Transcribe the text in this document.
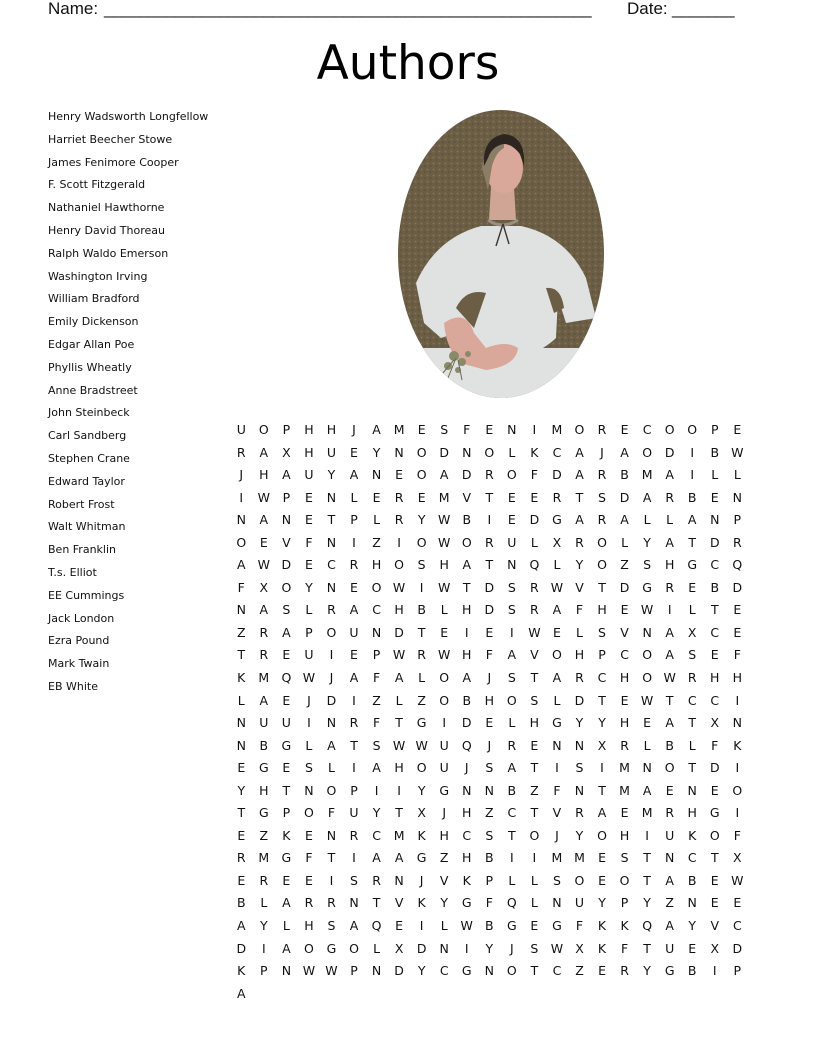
Name: _______________________________________________________ Date: _______
Authors
Henry Wadsworth Longfellow
Harriet Beecher Stowe
James Fenimore Cooper
F. Scott Fitzgerald
Nathaniel Hawthorne
Henry David Thoreau
Ralph Waldo Emerson
Washington Irving
William Bradford
Emily Dickenson
Edgar Allan Poe
Phyllis Wheatly
Anne Bradstreet
John Steinbeck
Carl Sandberg
Stephen Crane
Edward Taylor
Robert Frost
Walt Whitman
Ben Franklin
T.s. Elliot
EE Cummings
Jack London
Ezra Pound
Mark Twain
EB White
U	O	P	H	H	J	A	M	E	S	F	E	N	I	M O	R	E	C	O	O	P	E
R	A	X	H	U	E	Y	N	O	D	N	O	L	K	C	A	J	A	O	D	I	B W
J	H	A	U	Y	A	N	E	O	A	D	R	O	F	D	A	R	B	M	A	I	L	L
I	W	P	E	N	L	E	R	E	M	V	T	E	E	R	T	S	D	A	R	B	E	N
N	A	N	E	T	P	L	R	Y	W B	I	E	D	G	A	R	A	L	L	A	N	P
O	E	V	F	N	I	Z	I	O W O	R	U	L	X	R	O	L	Y	A	T	D	R
A W D	E	C	R	H	O	S	H	A	T	N	Q	L	Y	O	Z	S	H	G	C	Q
F	X	O	Y	N	E	O W	I	W	T	D	S	R W V	T	D	G	R	E	B	D
N	A	S	L	R	A	C	H	B	L	H	D	S	R	A	F	H	E W	I	L	T	E
Z	R	A	P	O	U	N	D	T	E	I	E	I	W E	L	S	V	N	A	X	C	E
T	R	E	U	I	E	P	W R W H	F	A	V	O	H	P	C	O	A	S	E	F
K	M Q W	J	A	F	A	L	O	A	J	S	T	A	R	C	H	O W R	H	H
L	A	E	J	D	I	Z	L	Z	O	B	H	O	S	L	D	T	E W	T	C	C	I
N	U	U	I	N	R	F	T	G	I	D	E	L	H	G	Y	Y	H	E	A	T	X	N
N	B	G	L	A	T	S W W U	Q	J	R	E	N	N	X	R	L	B	L	F	K
E	G	E	S	L	I	A	H	O	U	J	S	A	T	I	S	I	M N	O	T	D	I
Y	H	T	N	O	P	I	I	Y	G	N	N	B	Z	F	N	T	M	A	E	N	E	O
T	G	P	O	F	U	Y	T	X	J	H	Z	C	T	V	R	A	E	M	R	H	G	I
E	Z	K	E	N	R	C	M	K	H	C	S	T	O	J	Y	O	H	I	U	K	O	F
R	M G	F	T	I	A	A	G	Z	H	B	I	I	M M	E	S	T	N	C	T	X
E	R	E	E	I	S	R	N	J	V	K	P	L	L	S	O	E	O	T	A	B	E W
B	L	A	R	R	N	T	V	K	Y	G	F	Q	L	N	U	Y	P	Y	Z	N	E	E
A	Y	L	H	S	A	Q	E	I	L	W B	G	E	G	F	K	K	Q	A	Y	V	C
D	I	A	O	G	O	L	X	D	N	I	Y	J	S W X	K	F	T	U	E	X	D
K	P	N W W	P	N	D	Y	C	G	N	O	T	C	Z	E	R	Y	G	B	I	P
A
